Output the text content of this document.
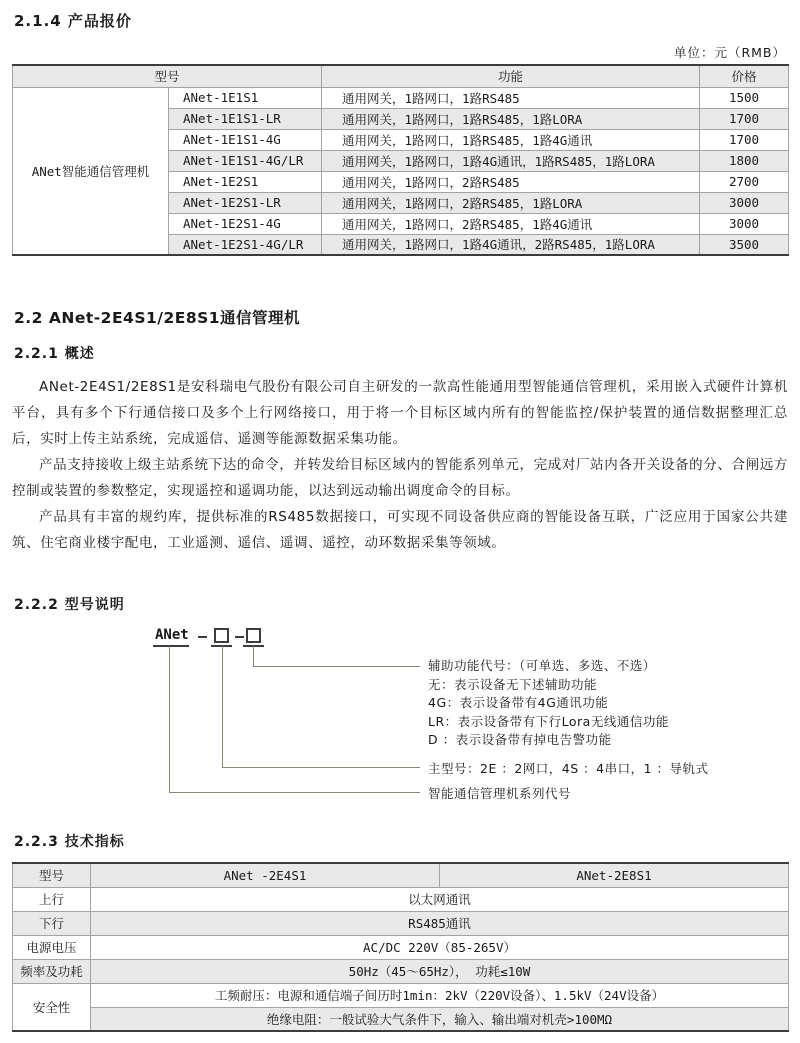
2.1.4 产品报价
单位：元（RMB）
型号		功能	价格
ANet智能通信管理机	ANet-1E1S1	通用网关，1路网口，1路RS485	1500
	ANet-1E1S1-LR	通用网关，1路网口，1路RS485，1路LORA	1700
	ANet-1E1S1-4G	通用网关，1路网口，1路RS485，1路4G通讯	1700
	ANet-1E1S1-4G/LR	通用网关，1路网口，1路4G通讯，1路RS485，1路LORA	1800
	ANet-1E2S1	通用网关，1路网口，2路RS485	2700
	ANet-1E2S1-LR	通用网关，1路网口，2路RS485，1路LORA	3000
	ANet-1E2S1-4G	通用网关，1路网口，2路RS485，1路4G通讯	3000
	ANet-1E2S1-4G/LR	通用网关，1路网口，1路4G通讯，2路RS485，1路LORA	3500
2.2 ANet-2E4S1/2E8S1通信管理机
2.2.1 概述

ANet-2E4S1/2E8S1是安科瑞电气股份有限公司自主研发的一款高性能通用型智能通信管理机，采用嵌入式硬件计算机平台，具有多个下行通信接口及多个上行网络接口，用于将一个目标区域内所有的智能监控/保护装置的通信数据整理汇总后，实时上传主站系统，完成遥信、遥测等能源数据采集功能。

产品支持接收上级主站系统下达的命令，并转发给目标区域内的智能系列单元，完成对厂站内各开关设备的分、合闸远方控制或装置的参数整定，实现遥控和遥调功能，以达到远动输出调度命令的目标。

产品具有丰富的规约库，提供标准的RS485数据接口，可实现不同设备供应商的智能设备互联，广泛应用于国家公共建筑、住宅商业楼宇配电，工业遥测、遥信、遥调、遥控，动环数据采集等领域。

2.2.2 型号说明
ANet
辅助功能代号：（可单选、多选、不选）
无：表示设备无下述辅助功能
4G：表示设备带有4G通讯功能
LR：表示设备带有下行Lora无线通信功能
D ：表示设备带有掉电告警功能
主型号：2E ：2网口，4S ：4串口，1 ：导轨式
智能通信管理机系列代号
2.2.3 技术指标
型号	ANet -2E4S1	ANet-2E8S1
上行	以太网通讯	
下行	RS485通讯	
电源电压	AC/DC 220V（85-265V）	
频率及功耗	50Hz（45～65Hz）， 功耗≤10W	
安全性	工频耐压：电源和通信端子间历时1min：2kV（220V设备）、1.5kV（24V设备）	
	绝缘电阻：一般试验大气条件下，输入、输出端对机壳>100MΩ	
